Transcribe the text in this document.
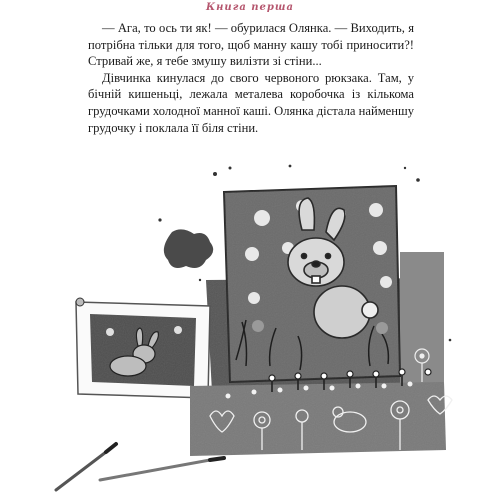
Книга перша

— Ага, то ось ти як! — обурилася Олянка. — Виходить, я потрібна тільки для того, щоб манну кашу тобі приносити?! Стривай же, я тебе змушу вилізти зі стіни...

Дівчинка кинулася до свого червоного рюкзака. Там, у бічній кишеньці, лежала металева коробочка із кількома грудочками холодної манної каші. Олянка дістала найменшу грудочку і поклала її біля стіни.
